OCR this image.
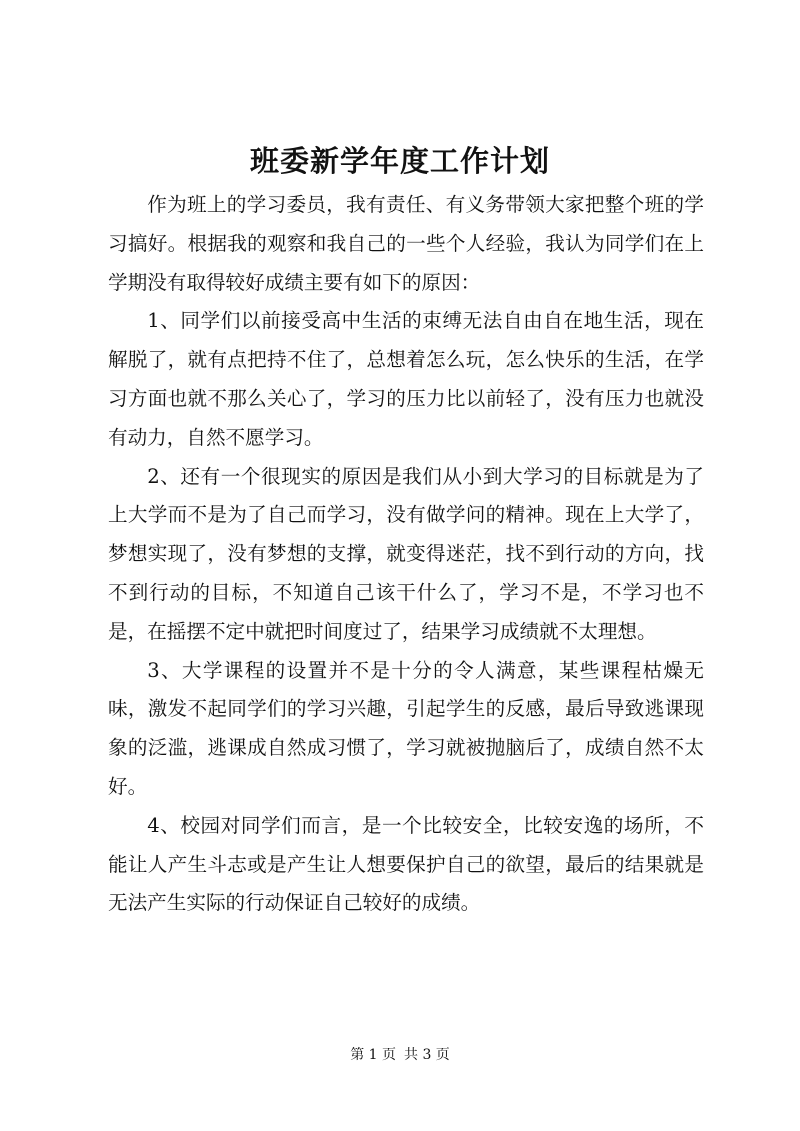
班委新学年度工作计划

作为班上的学习委员，我有责任、有义务带领大家把整个班的学习搞好。根据我的观察和我自己的一些个人经验，我认为同学们在上学期没有取得较好成绩主要有如下的原因：

1、同学们以前接受高中生活的束缚无法自由自在地生活，现在解脱了，就有点把持不住了，总想着怎么玩，怎么快乐的生活，在学习方面也就不那么关心了，学习的压力比以前轻了，没有压力也就没有动力，自然不愿学习。

2、还有一个很现实的原因是我们从小到大学习的目标就是为了上大学而不是为了自己而学习，没有做学问的精神。现在上大学了，梦想实现了，没有梦想的支撑，就变得迷茫，找不到行动的方向，找不到行动的目标，不知道自己该干什么了，学习不是，不学习也不是，在摇摆不定中就把时间度过了，结果学习成绩就不太理想。

3、大学课程的设置并不是十分的令人满意，某些课程枯燥无味，激发不起同学们的学习兴趣，引起学生的反感，最后导致逃课现象的泛滥，逃课成自然成习惯了，学习就被抛脑后了，成绩自然不太好。

4、校园对同学们而言，是一个比较安全，比较安逸的场所，不能让人产生斗志或是产生让人想要保护自己的欲望，最后的结果就是无法产生实际的行动保证自己较好的成绩。

第 1 页 共 3 页
